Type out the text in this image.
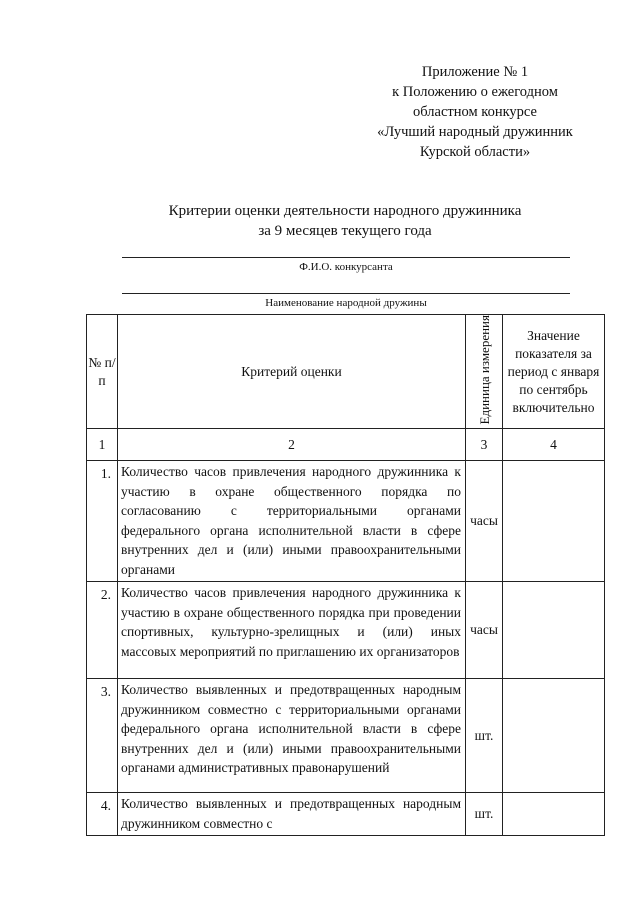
Приложение № 1
к Положению о ежегодном
областном конкурсе
«Лучший народный дружинник
Курской области»
Критерии оценки деятельности народного дружинника
за 9 месяцев текущего года
Ф.И.О. конкурсанта
Наименование народной дружины
№ п/п	Критерий оценки	Единица измерения	Значение показателя за период с января по сентябрь включительно
1	2	3	4
1.	Количество часов привлечения народного дружинника к участию в охране общественного порядка по согласованию с территориальными органами федерального органа исполнительной власти в сфере внутренних дел и (или) иными правоохранительными органами	часы	
2.	Количество часов привлечения народного дружинника к участию в охране общественного порядка при проведении спортивных, культурно-зрелищных и (или) иных массовых мероприятий по приглашению их организаторов	часы	
3.	Количество выявленных и предотвращенных народным дружинником совместно с территориальными органами федерального органа исполнительной власти в сфере внутренних дел и (или) иными правоохранительными органами административных правонарушений	шт.	
4.	Количество выявленных и предотвращенных народным дружинником совместно с	шт.	
